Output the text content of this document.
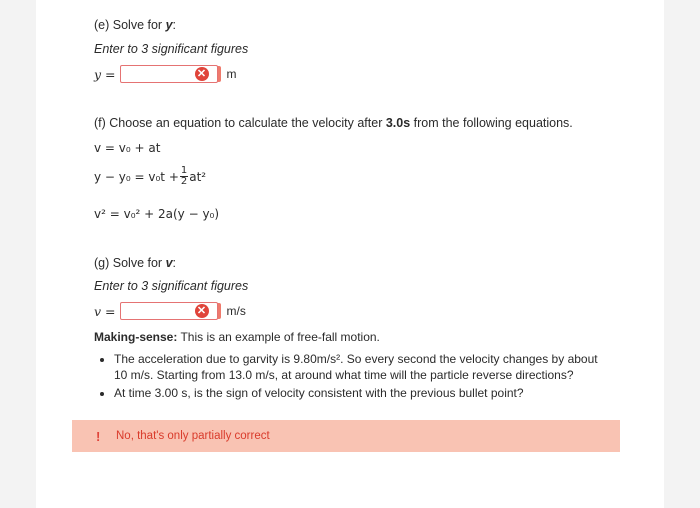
(e) Solve for y:
Enter to 3 significant figures
y =	✕ m
(f) Choose an equation to calculate the velocity after 3.0s from the following equations.
v = v₀ + at
$y - y_0 = v_0t + \frac{1}{2} at^2$
v² = v₀² + 2a(y − y₀)
(g) Solve for v:
Enter to 3 significant figures
v =	✕ m/s
Making-sense: This is an example of free-fall motion.
• The acceleration due to garvity is 9.80m/s². So every second the velocity changes by about 10 m/s. Starting from 13.0 m/s, at around what time will the particle reverse directions?
• At time 3.00 s, is the sign of velocity consistent with the previous bullet point?
!	No, that's only partially correct
